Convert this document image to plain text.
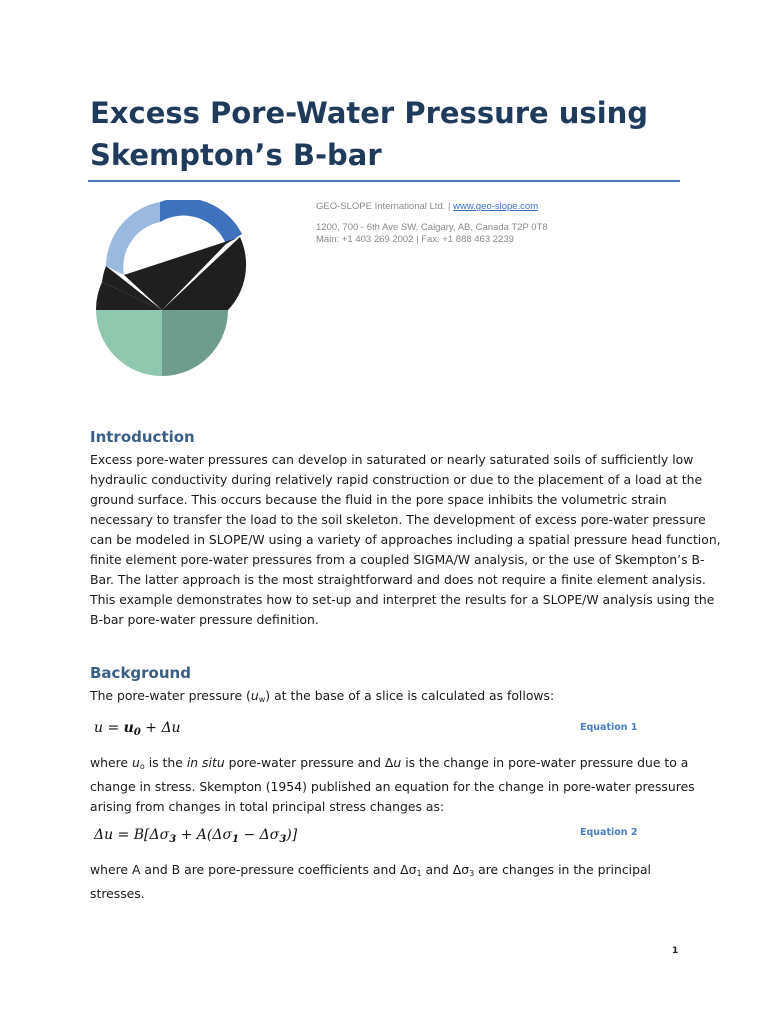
Excess Pore-Water Pressure using
Skempton’s B-bar
GEO-SLOPE International Ltd. | www.geo-slope.com
1200, 700 - 6th Ave SW, Calgary, AB, Canada T2P 0T8
Main: +1 403 269 2002 | Fax: +1 888 463 2239
Introduction

Excess pore-water pressures can develop in saturated or nearly saturated soils of sufficiently low
hydraulic conductivity during relatively rapid construction or due to the placement of a load at the
ground surface. This occurs because the fluid in the pore space inhibits the volumetric strain
necessary to transfer the load to the soil skeleton. The development of excess pore-water pressure
can be modeled in SLOPE/W using a variety of approaches including a spatial pressure head function,
finite element pore-water pressures from a coupled SIGMA/W analysis, or the use of Skempton’s B-
Bar. The latter approach is the most straightforward and does not require a finite element analysis.
This example demonstrates how to set-up and interpret the results for a SLOPE/W analysis using the
B-bar pore-water pressure definition.

Background

The pore-water pressure $(u_w)$ at the base of a slice is calculated as follows:

$u = u_0 + \Delta u$	Equation 1

where $u_o$ is the in situ pore-water pressure and Δu is the change in pore-water pressure due to a
change in stress. Skempton (1954) published an equation for the change in pore-water pressures
arising from changes in total principal stress changes as:

$\Delta u = B[\Delta\sigma_3 + A(\Delta\sigma_1 - \Delta\sigma_3)]$	Equation 2

where A and B are pore-pressure coefficients and $\Delta\sigma_1$ and $\Delta\sigma_3$ are changes in the principal stresses.

1
